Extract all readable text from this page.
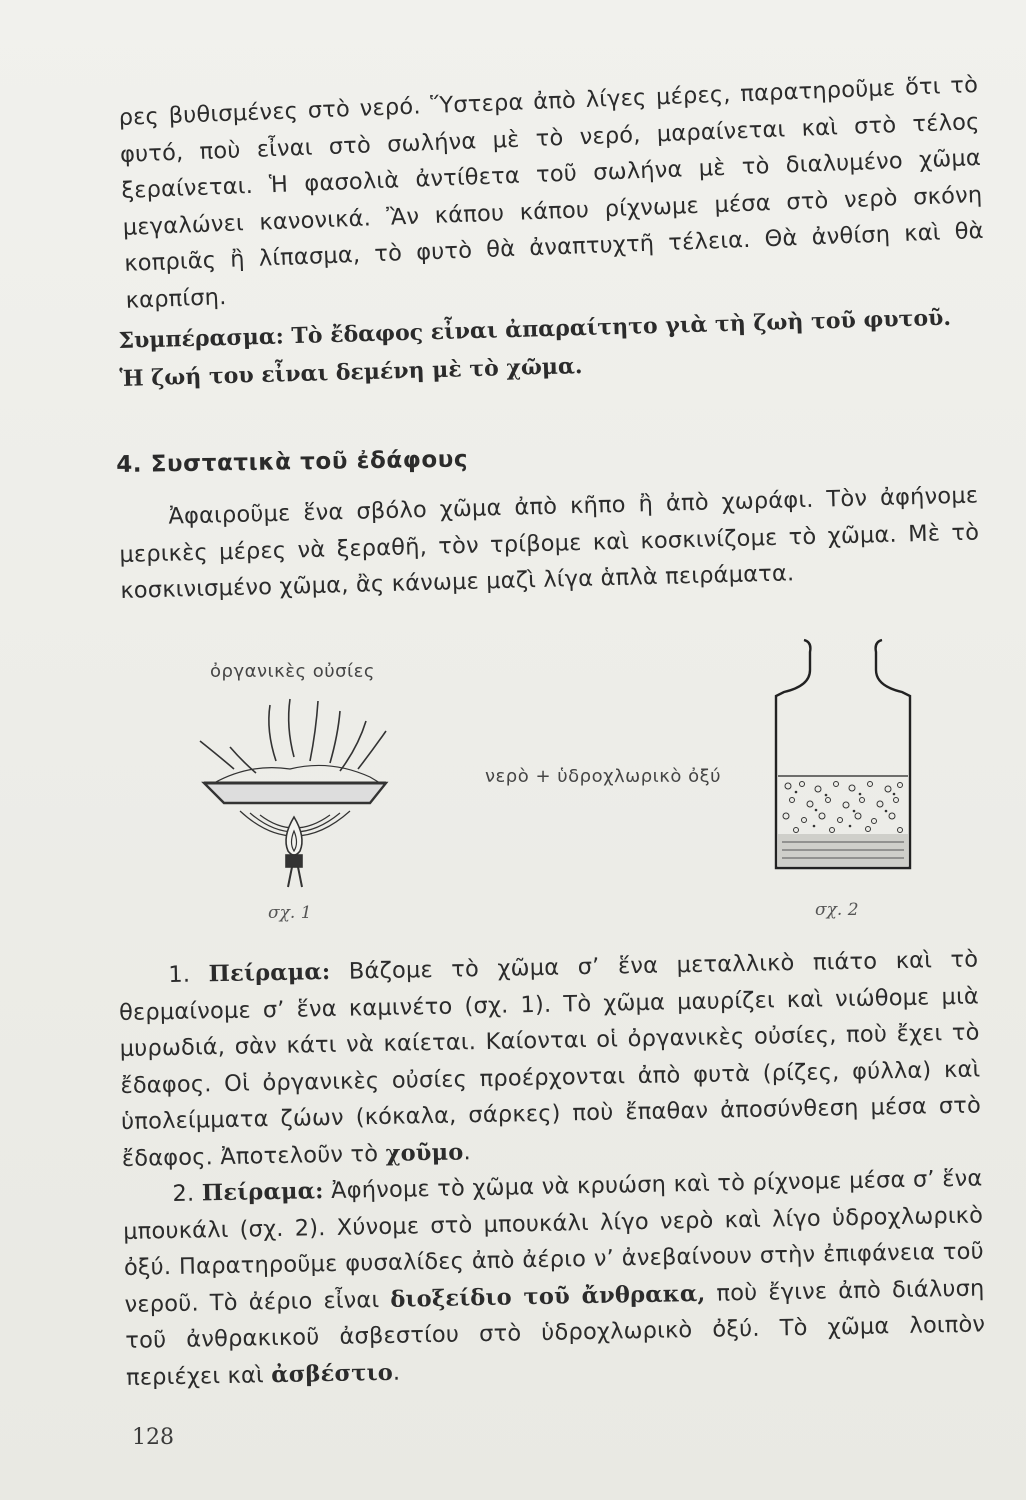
ρες βυθισμένες στὸ νερό. Ὕστερα ἀπὸ λίγες μέρες, παρατηροῦμε ὅτι τὸ φυτό, ποὺ εἶναι στὸ σωλήνα μὲ τὸ νερό, μαραίνεται καὶ στὸ τέλος ξεραίνεται. Ἡ φασολιὰ ἀντίθετα τοῦ σωλήνα μὲ τὸ διαλυμένο χῶμα μεγαλώνει κανονικά. Ἂν κάπου κάπου ρίχνωμε μέσα στὸ νερὸ σκόνη κοπριᾶς ἢ λίπασμα, τὸ φυτὸ θὰ ἀναπτυχτῆ τέλεια. Θὰ ἀνθίση καὶ θὰ καρπίση.

Συμπέρασμα: Τὸ ἔδαφος εἶναι ἀπαραίτητο γιὰ τὴ ζωὴ τοῦ φυτοῦ. Ἡ ζωή του εἶναι δεμένη μὲ τὸ χῶμα.
4. Συστατικὰ τοῦ ἐδάφους

Ἀφαιροῦμε ἕνα σβόλο χῶμα ἀπὸ κῆπο ἢ ἀπὸ χωράφι. Τὸν ἀφήνομε μερικὲς μέρες νὰ ξεραθῆ, τὸν τρίβομε καὶ κοσκινίζομε τὸ χῶμα. Μὲ τὸ κοσκινισμένο χῶμα, ἂς κάνωμε μαζὶ λίγα ἁπλὰ πειράματα.

ὀργανικὲς οὐσίες
σχ. 1
νερὸ + ὑδροχλωρικὸ ὀξύ
σχ. 2

1. Πείραμα: Βάζομε τὸ χῶμα σ’ ἕνα μεταλλικὸ πιάτο καὶ τὸ θερμαίνομε σ’ ἕνα καμινέτο (σχ. 1). Τὸ χῶμα μαυρίζει καὶ νιώθομε μιὰ μυρωδιά, σὰν κάτι νὰ καίεται. Καίονται οἱ ὀργανικὲς οὐσίες, ποὺ ἔχει τὸ ἔδαφος. Οἱ ὀργανικὲς οὐσίες προέρχονται ἀπὸ φυτὰ (ρίζες, φύλλα) καὶ ὑπολείμματα ζώων (κόκαλα, σάρκες) ποὺ ἔπαθαν ἀποσύνθεση μέσα στὸ ἔδαφος. Ἀποτελοῦν τὸ χοῦμο.

2. Πείραμα: Ἀφήνομε τὸ χῶμα νὰ κρυώση καὶ τὸ ρίχνομε μέσα σ’ ἕνα μπουκάλι (σχ. 2). Χύνομε στὸ μπουκάλι λίγο νερὸ καὶ λίγο ὑδροχλωρικὸ ὀξύ. Παρατηροῦμε φυσαλίδες ἀπὸ ἀέριο ν’ ἀνεβαίνουν στὴν ἐπιφάνεια τοῦ νεροῦ. Τὸ ἀέριο εἶναι διοξείδιο τοῦ ἄνθρακα, ποὺ ἔγινε ἀπὸ διάλυση τοῦ ἀνθρακικοῦ ἀσβεστίου στὸ ὑδροχλωρικὸ ὀξύ. Τὸ χῶμα λοιπὸν περιέχει καὶ ἀσβέστιο.

128
